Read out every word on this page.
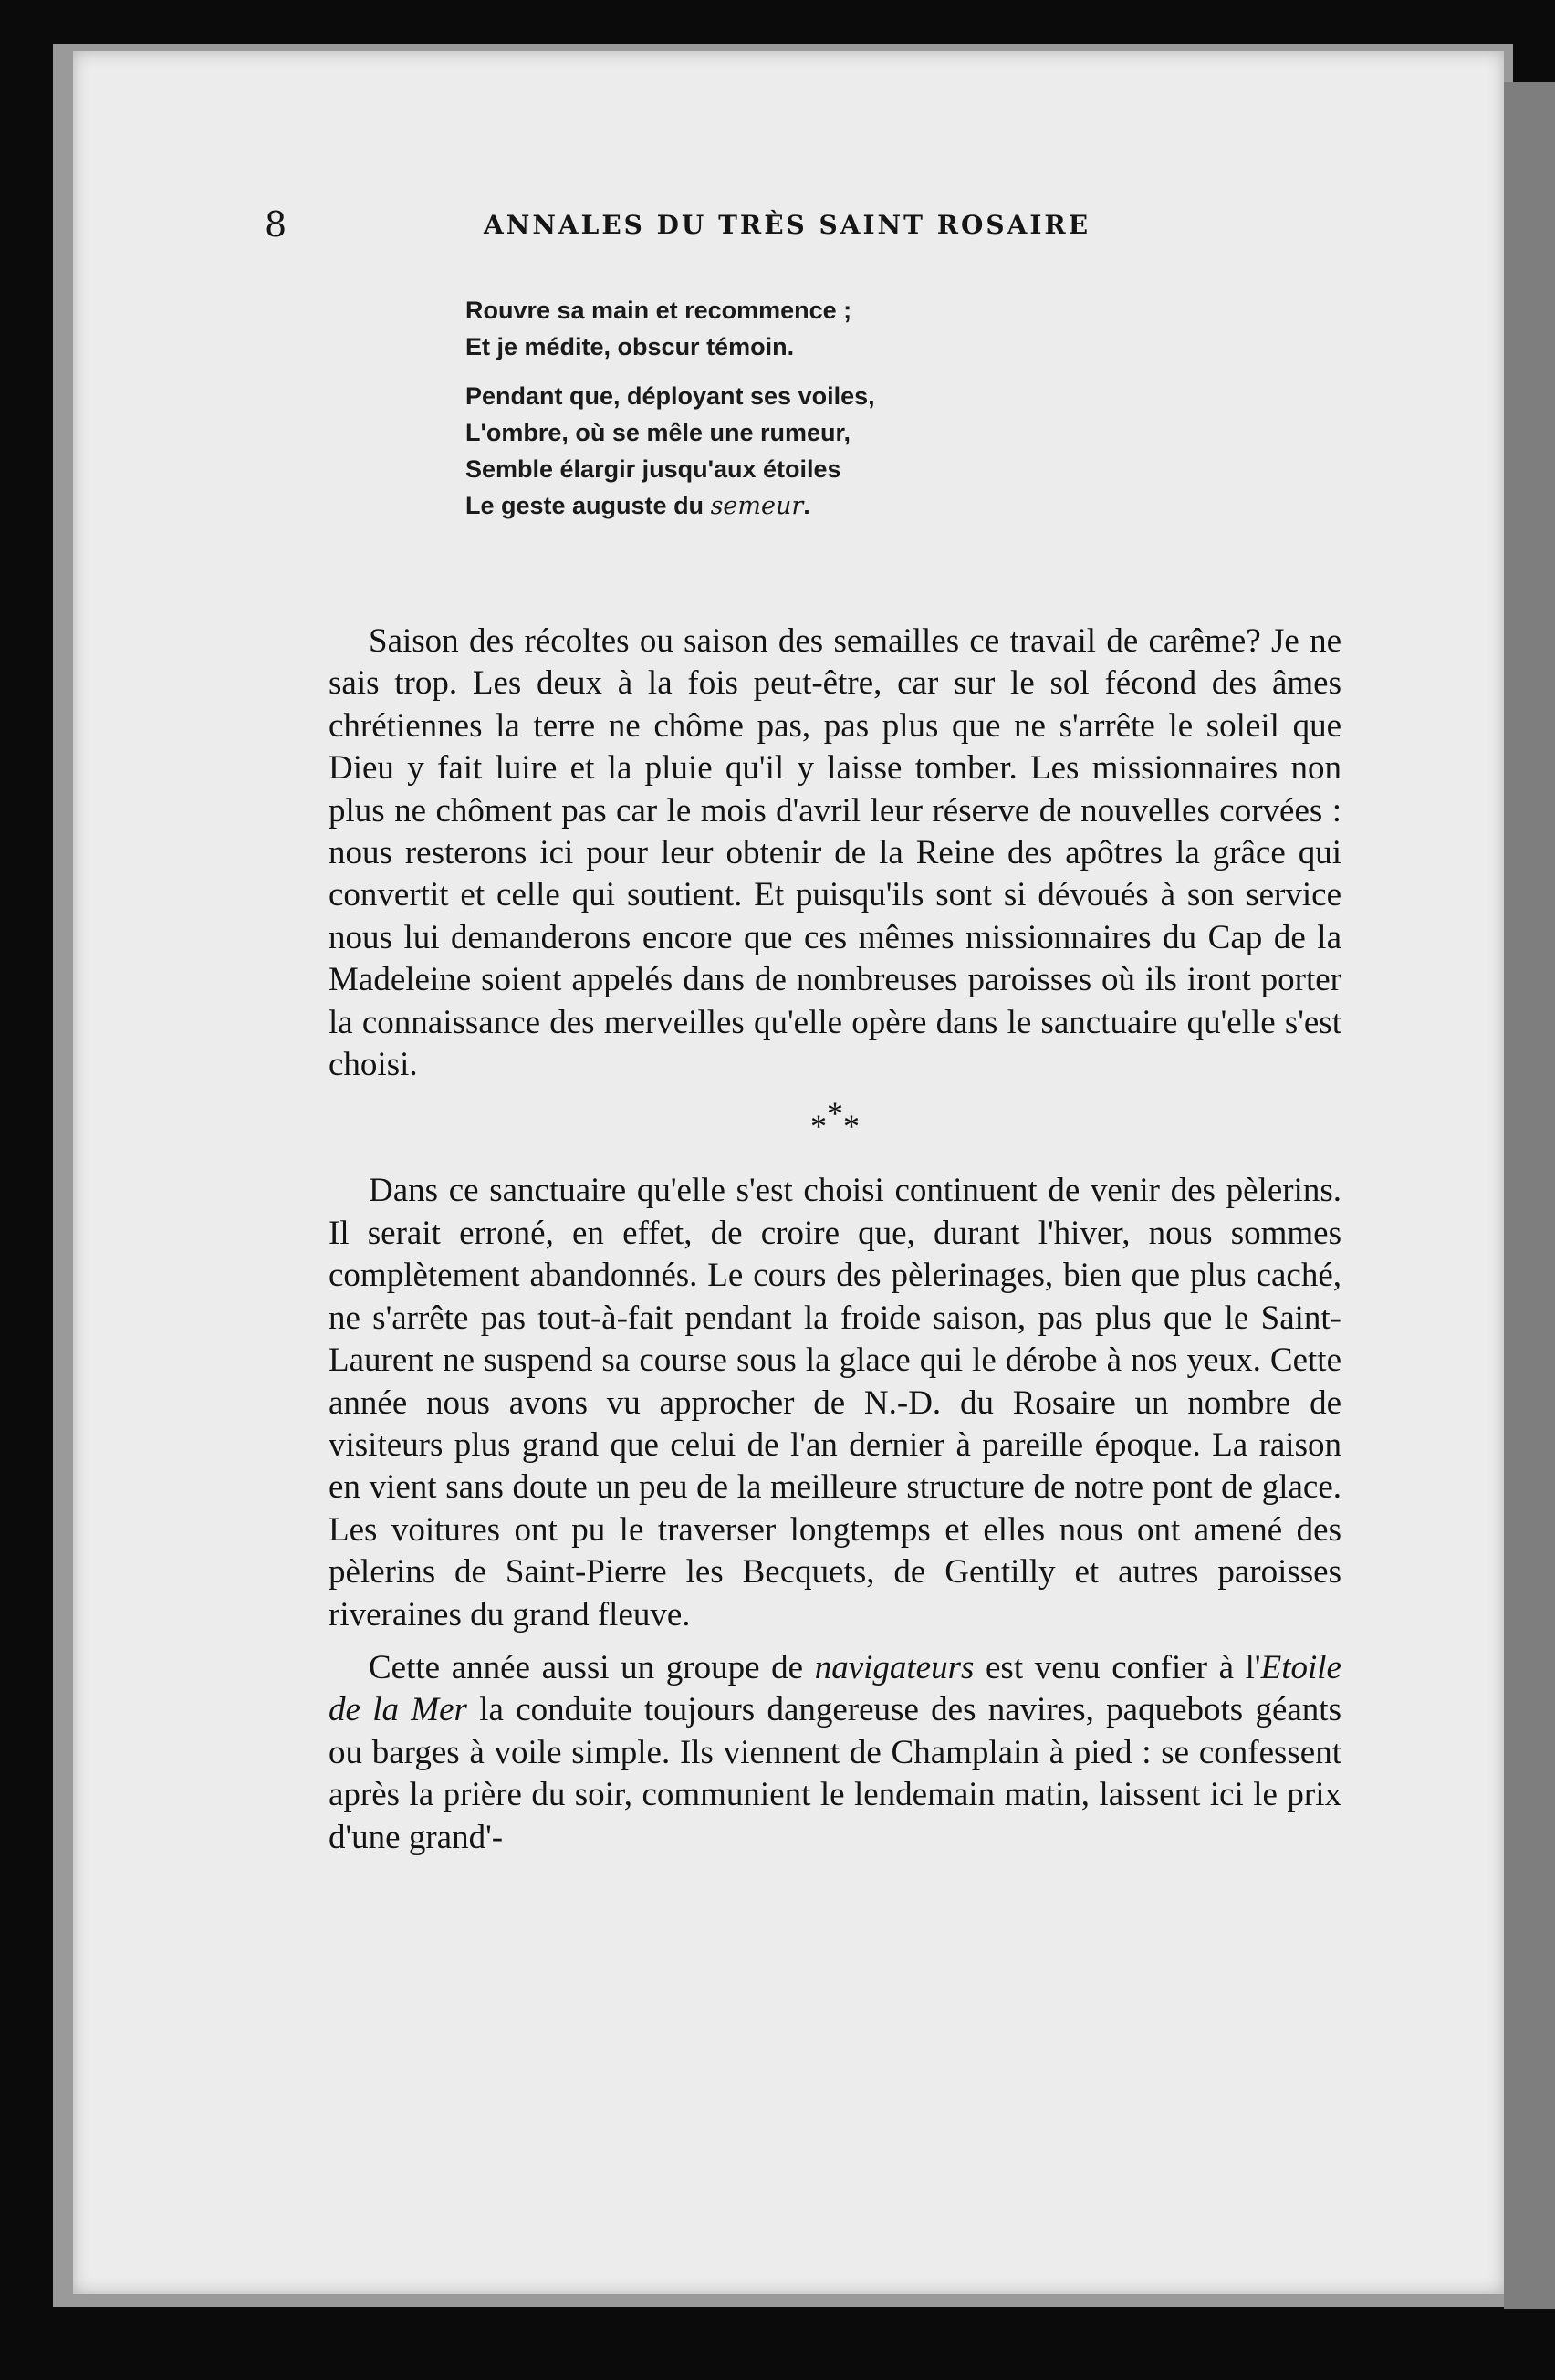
8	ANNALES DU TRÈS SAINT ROSAIRE
Rouvre sa main et recommence ;
Et je médite, obscur témoin.
Pendant que, déployant ses voiles,
L'ombre, où se mêle une rumeur,
Semble élargir jusqu'aux étoiles
Le geste auguste du semeur.

Saison des récoltes ou saison des semailles ce travail de carême? Je ne sais trop. Les deux à la fois peut-être, car sur le sol fécond des âmes chrétiennes la terre ne chôme pas, pas plus que ne s'arrête le soleil que Dieu y fait luire et la pluie qu'il y laisse tomber. Les missionnaires non plus ne chôment pas car le mois d'avril leur réserve de nouvelles corvées : nous resterons ici pour leur obtenir de la Reine des apôtres la grâce qui convertit et celle qui soutient. Et puisqu'ils sont si dévoués à son service nous lui demanderons encore que ces mêmes missionnaires du Cap de la Madeleine soient appelés dans de nombreuses paroisses où ils iront porter la connaissance des merveilles qu'elle opère dans le sanctuaire qu'elle s'est choisi.

***

Dans ce sanctuaire qu'elle s'est choisi continuent de venir des pèlerins. Il serait erroné, en effet, de croire que, durant l'hiver, nous sommes complètement abandonnés. Le cours des pèlerinages, bien que plus caché, ne s'arrête pas tout-à-fait pendant la froide saison, pas plus que le Saint-Laurent ne suspend sa course sous la glace qui le dérobe à nos yeux. Cette année nous avons vu approcher de N.-D. du Rosaire un nombre de visiteurs plus grand que celui de l'an dernier à pareille époque. La raison en vient sans doute un peu de la meilleure structure de notre pont de glace. Les voitures ont pu le traverser longtemps et elles nous ont amené des pèlerins de Saint-Pierre les Becquets, de Gentilly et autres paroisses riveraines du grand fleuve.

Cette année aussi un groupe de navigateurs est venu confier à l'Etoile de la Mer la conduite toujours dangereuse des navires, paquebots géants ou barges à voile simple. Ils viennent de Champlain à pied : se confessent après la prière du soir, communient le lendemain matin, laissent ici le prix d'une grand'-
